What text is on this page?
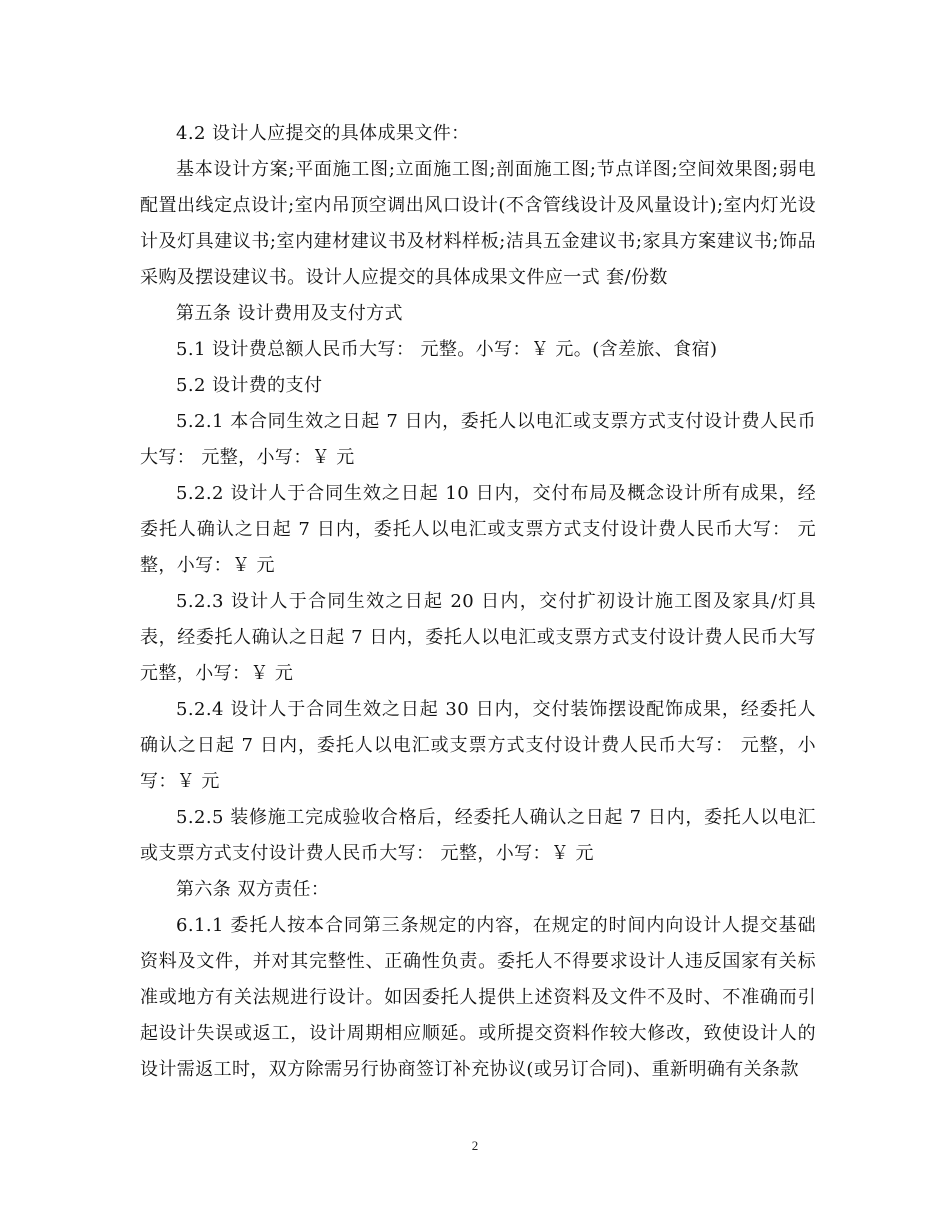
4.2 设计人应提交的具体成果文件：

基本设计方案;平面施工图;立面施工图;剖面施工图;节点详图;空间效果图;弱电配置出线定点设计;室内吊顶空调出风口设计(不含管线设计及风量设计);室内灯光设计及灯具建议书;室内建材建议书及材料样板;洁具五金建议书;家具方案建议书;饰品采购及摆设建议书。设计人应提交的具体成果文件应一式 套/份数

第五条 设计费用及支付方式

5.1 设计费总额人民币大写： 元整。小写：￥ 元。(含差旅、食宿)

5.2 设计费的支付

5.2.1 本合同生效之日起 7 日内，委托人以电汇或支票方式支付设计费人民币大写： 元整，小写：￥ 元

5.2.2 设计人于合同生效之日起 10 日内，交付布局及概念设计所有成果，经委托人确认之日起 7 日内，委托人以电汇或支票方式支付设计费人民币大写： 元整，小写：￥ 元

5.2.3 设计人于合同生效之日起 20 日内，交付扩初设计施工图及家具/灯具表，经委托人确认之日起 7 日内，委托人以电汇或支票方式支付设计费人民币大写 元整，小写：￥ 元

5.2.4 设计人于合同生效之日起 30 日内，交付装饰摆设配饰成果，经委托人确认之日起 7 日内，委托人以电汇或支票方式支付设计费人民币大写： 元整，小写：￥ 元

5.2.5 装修施工完成验收合格后，经委托人确认之日起 7 日内，委托人以电汇或支票方式支付设计费人民币大写： 元整，小写：￥ 元

第六条 双方责任：

6.1.1 委托人按本合同第三条规定的内容，在规定的时间内向设计人提交基础资料及文件，并对其完整性、正确性负责。委托人不得要求设计人违反国家有关标准或地方有关法规进行设计。如因委托人提供上述资料及文件不及时、不准确而引起设计失误或返工，设计周期相应顺延。或所提交资料作较大修改，致使设计人的设计需返工时，双方除需另行协商签订补充协议(或另订合同)、重新明确有关条款

2
